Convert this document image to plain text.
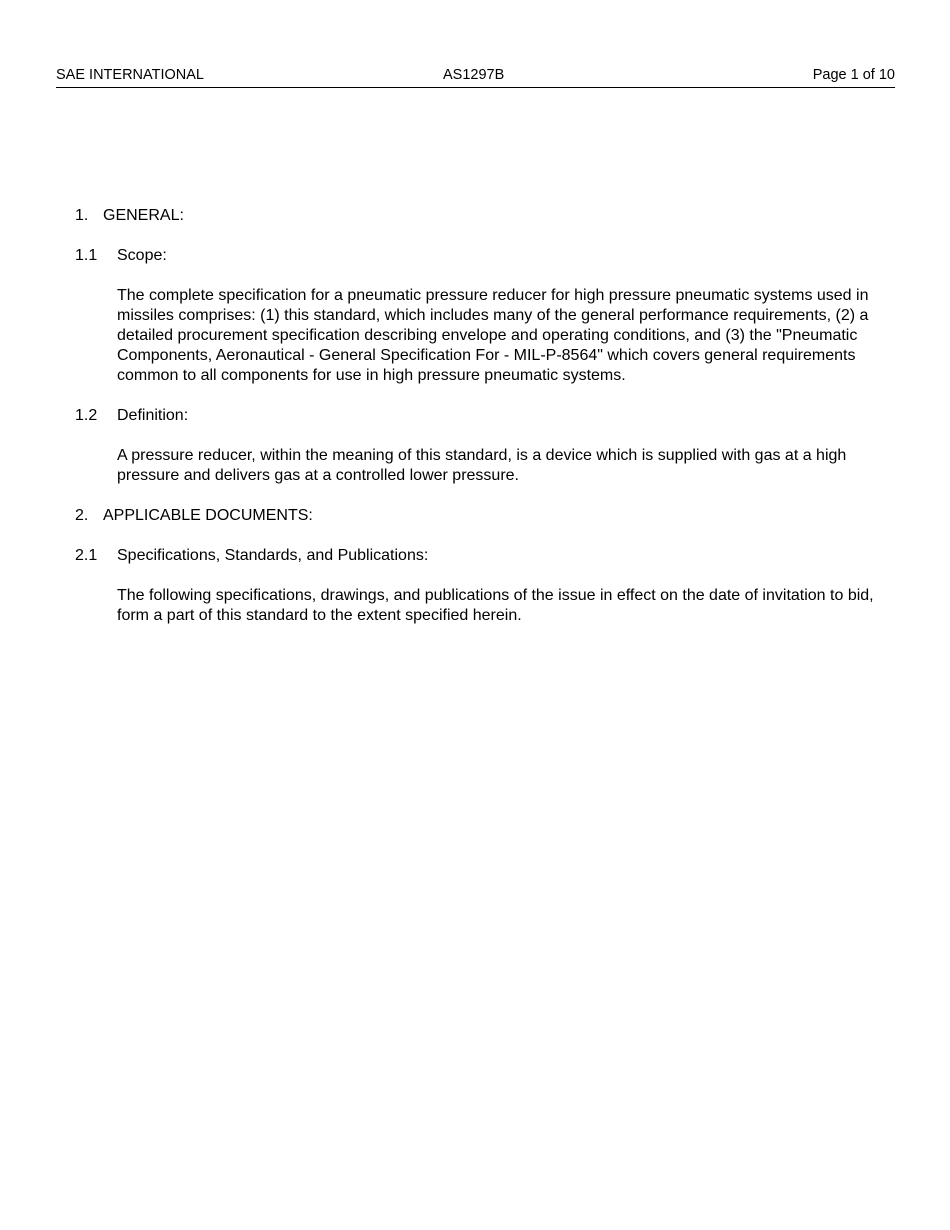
SAE INTERNATIONAL	AS1297B	Page 1 of 10
1. GENERAL:
1.1 Scope:

The complete specification for a pneumatic pressure reducer for high pressure pneumatic systems used in missiles comprises: (1) this standard, which includes many of the general performance requirements, (2) a detailed procurement specification describing envelope and operating conditions, and (3) the "Pneumatic Components, Aeronautical - General Specification For - MIL-P-8564" which covers general requirements common to all components for use in high pressure pneumatic systems.

1.2 Definition:

A pressure reducer, within the meaning of this standard, is a device which is supplied with gas at a high pressure and delivers gas at a controlled lower pressure.

2. APPLICABLE DOCUMENTS:
2.1 Specifications, Standards, and Publications:

The following specifications, drawings, and publications of the issue in effect on the date of invitation to bid, form a part of this standard to the extent specified herein.
